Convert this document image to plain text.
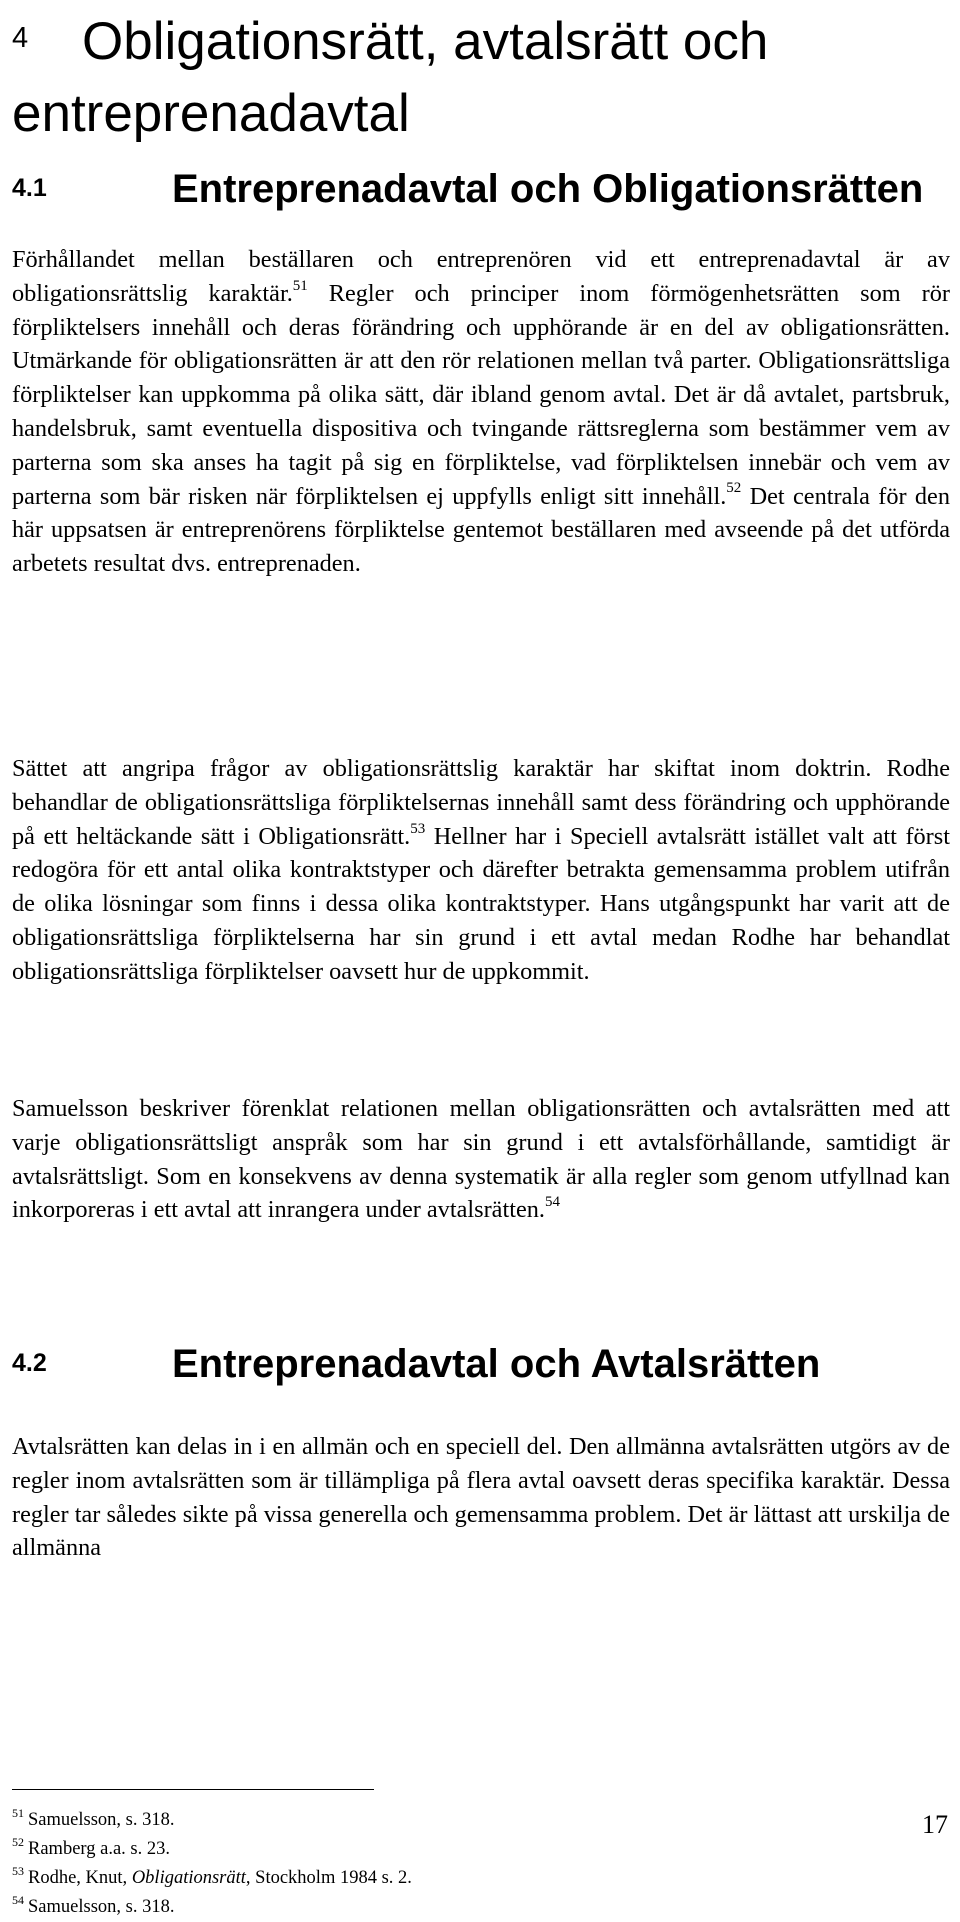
4 Obligationsrätt, avtalsrätt och entreprenadavtal
4.1	Entreprenadavtal och Obligationsrätten

Förhållandet mellan beställaren och entreprenören vid ett entreprenadavtal är av obligationsrättslig karaktär.$^{51}$ Regler och principer inom förmögenhetsrätten som rör förpliktelsers innehåll och deras förändring och upphörande är en del av obligationsrätten. Utmärkande för obligationsrätten är att den rör relationen mellan två parter. Obligationsrättsliga förpliktelser kan uppkomma på olika sätt, där ibland genom avtal. Det är då avtalet, partsbruk, handelsbruk, samt eventuella dispositiva och tvingande rättsreglerna som bestämmer vem av parterna som ska anses ha tagit på sig en förpliktelse, vad förpliktelsen innebär och vem av parterna som bär risken när förpliktelsen ej uppfylls enligt sitt innehåll.$^{52}$ Det centrala för den här uppsatsen är entreprenörens förpliktelse gentemot beställaren med avseende på det utförda arbetets resultat dvs. entreprenaden.

Sättet att angripa frågor av obligationsrättslig karaktär har skiftat inom doktrin. Rodhe behandlar de obligationsrättsliga förpliktelsernas innehåll samt dess förändring och upphörande på ett heltäckande sätt i Obligationsrätt.$^{53}$ Hellner har i Speciell avtalsrätt istället valt att först redogöra för ett antal olika kontraktstyper och därefter betrakta gemensamma problem utifrån de olika lösningar som finns i dessa olika kontraktstyper. Hans utgångspunkt har varit att de obligationsrättsliga förpliktelserna har sin grund i ett avtal medan Rodhe har behandlat obligationsrättsliga förpliktelser oavsett hur de uppkommit.

Samuelsson beskriver förenklat relationen mellan obligationsrätten och avtalsrätten med att varje obligationsrättsligt anspråk som har sin grund i ett avtalsförhållande, samtidigt är avtalsrättsligt. Som en konsekvens av denna systematik är alla regler som genom utfyllnad kan inkorporeras i ett avtal att inrangera under avtalsrätten.$^{54}$

4.2	Entreprenadavtal och Avtalsrätten

Avtalsrätten kan delas in i en allmän och en speciell del. Den allmänna avtalsrätten utgörs av de regler inom avtalsrätten som är tillämpliga på flera avtal oavsett deras specifika karaktär. Dessa regler tar således sikte på vissa generella och gemensamma problem. Det är lättast att urskilja de allmänna

$^{51}$ Samuelsson, s. 318.
$^{52}$ Ramberg a.a. s. 23.
$^{53}$ Rodhe, Knut, Obligationsrätt, Stockholm 1984 s. 2.
$^{54}$ Samuelsson, s. 318.
17
